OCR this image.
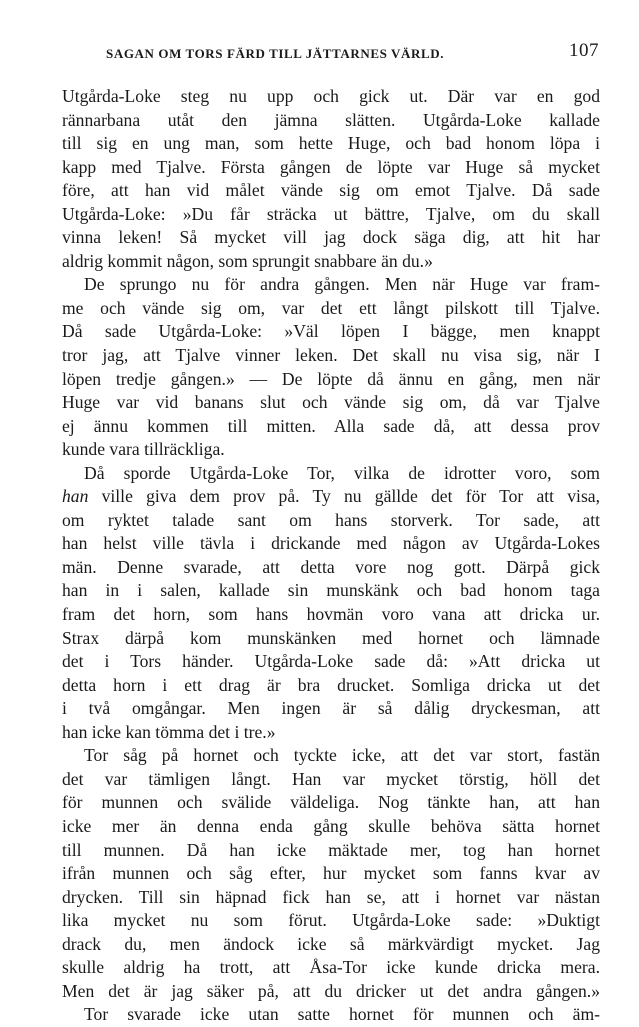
SAGAN OM TORS FÄRD TILL JÄTTARNES VÄRLD.	107
Utgårda-Loke steg nu upp och gick ut. Där var en god
rännarbana utåt den jämna slätten. Utgårda-Loke kallade
till sig en ung man, som hette Huge, och bad honom löpa i
kapp med Tjalve. Första gången de löpte var Huge så mycket
före, att han vid målet vände sig om emot Tjalve. Då sade
Utgårda-Loke: »Du får sträcka ut bättre, Tjalve, om du skall
vinna leken! Så mycket vill jag dock säga dig, att hit har
aldrig kommit någon, som sprungit snabbare än du.»
De sprungo nu för andra gången. Men när Huge var fram-
me och vände sig om, var det ett långt pilskott till Tjalve.
Då sade Utgårda-Loke: »Väl löpen I bägge, men knappt
tror jag, att Tjalve vinner leken. Det skall nu visa sig, när I
löpen tredje gången.» — De löpte då ännu en gång, men när
Huge var vid banans slut och vände sig om, då var Tjalve
ej ännu kommen till mitten. Alla sade då, att dessa prov
kunde vara tillräckliga.
Då sporde Utgårda-Loke Tor, vilka de idrotter voro, som
han ville giva dem prov på. Ty nu gällde det för Tor att visa,
om ryktet talade sant om hans storverk. Tor sade, att
han helst ville tävla i drickande med någon av Utgårda-Lokes
män. Denne svarade, att detta vore nog gott. Därpå gick
han in i salen, kallade sin munskänk och bad honom taga
fram det horn, som hans hovmän voro vana att dricka ur.
Strax därpå kom munskänken med hornet och lämnade
det i Tors händer. Utgårda-Loke sade då: »Att dricka ut
detta horn i ett drag är bra drucket. Somliga dricka ut det
i två omgångar. Men ingen är så dålig dryckesman, att
han icke kan tömma det i tre.»
Tor såg på hornet och tyckte icke, att det var stort, fastän
det var tämligen långt. Han var mycket törstig, höll det
för munnen och svälide väldeliga. Nog tänkte han, att han
icke mer än denna enda gång skulle behöva sätta hornet
till munnen. Då han icke mäktade mer, tog han hornet
ifrån munnen och såg efter, hur mycket som fanns kvar av
drycken. Till sin häpnad fick han se, att i hornet var nästan
lika mycket nu som förut. Utgårda-Loke sade: »Duktigt
drack du, men ändock icke så märkvärdigt mycket. Jag
skulle aldrig ha trott, att Åsa-Tor icke kunde dricka mera.
Men det är jag säker på, att du dricker ut det andra gången.»
Tor svarade icke utan satte hornet för munnen och äm-
